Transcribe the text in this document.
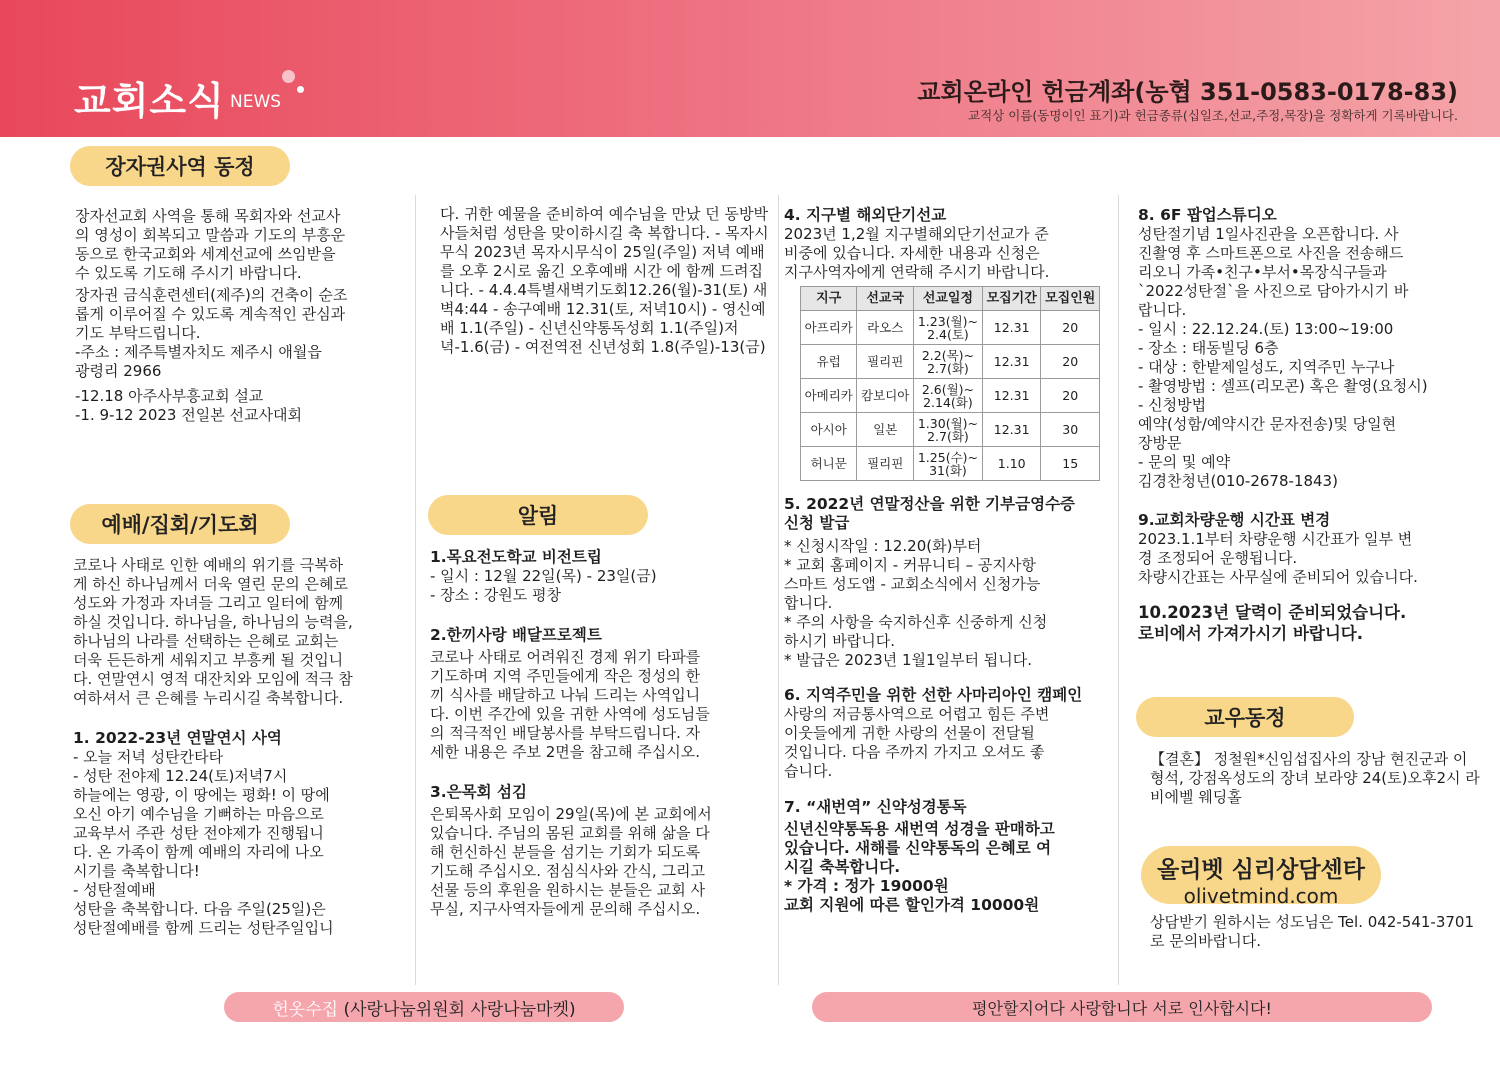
교회소식 NEWS	교회온라인 헌금계좌(농협 351-0583-0178-83)
교적상 이름(동명이인 표기)과 헌금종류(십일조,선교,주정,목장)을 정확하게 기록바랍니다.
장자권사역 동정

장자선교회 사역을 통해 목회자와 선교사
의 영성이 회복되고 말씀과 기도의 부흥운
동으로 한국교회와 세계선교에 쓰임받을
수 있도록 기도해 주시기 바랍니다.

장자권 금식훈련센터(제주)의 건축이 순조
롭게 이루어질 수 있도록 계속적인 관심과
기도 부탁드립니다.
-주소 : 제주특별자치도 제주시 애월읍
광령리 2966

-12.18 아주사부흥교회 설교
-1. 9-12 2023 전일본 선교사대회

예배/집회/기도회

코로나 사태로 인한 예배의 위기를 극복하
게 하신 하나님께서 더욱 열린 문의 은혜로
성도와 가정과 자녀들 그리고 일터에 함께
하실 것입니다. 하나님을, 하나님의 능력을,
하나님의 나라를 선택하는 은혜로 교회는
더욱 든든하게 세워지고 부흥케 될 것입니
다. 연말연시 영적 대잔치와 모임에 적극 참
여하셔서 큰 은혜를 누리시길 축복합니다.

1. 2022-23년 연말연시 사역

- 오늘 저녁 성탄칸타타
- 성탄 전야제 12.24(토)저녁7시
하늘에는 영광, 이 땅에는 평화! 이 땅에
오신 아기 예수님을 기뻐하는 마음으로
교육부서 주관 성탄 전야제가 진행됩니
다. 온 가족이 함께 예배의 자리에 나오
시기를 축복합니다!
- 성탄절예배
성탄을 축복합니다. 다음 주일(25일)은
성탄절예배를 함께 드리는 성탄주일입니

다. 귀한 예물을 준비하여 예수님을 만났 던 동방박사들처럼 성탄을 맞이하시길 축 복합니다. - 목자시무식 2023년 목자시무식이 25일(주일) 저녁 예배를 오후 2시로 옮긴 오후예배 시간 에 함께 드려집니다. - 4.4.4특별새벽기도회12.26(월)-31(토) 새벽4:44 - 송구예배 12.31(토, 저녁10시) - 영신예배 1.1(주일) - 신년신약통독성회 1.1(주일)저녁-1.6(금) - 여전역전 신년성회 1.8(주일)-13(금)
알림

1.목요전도학교 비전트립

- 일시 : 12월 22일(목) - 23일(금)
- 장소 : 강원도 평창

2.한끼사랑 배달프로젝트

코로나 사태로 어려워진 경제 위기 타파를
기도하며 지역 주민들에게 작은 정성의 한
끼 식사를 배달하고 나눠 드리는 사역입니
다. 이번 주간에 있을 귀한 사역에 성도님들
의 적극적인 배달봉사를 부탁드립니다. 자
세한 내용은 주보 2면을 참고해 주십시오.

3.은목회 섬김

은퇴목사회 모임이 29일(목)에 본 교회에서
있습니다. 주님의 몸된 교회를 위해 삶을 다
해 헌신하신 분들을 섬기는 기회가 되도록
기도해 주십시오. 점심식사와 간식, 그리고
선물 등의 후원을 원하시는 분들은 교회 사
무실, 지구사역자들에게 문의해 주십시오.

4. 지구별 해외단기선교

2023년 1,2월 지구별해외단기선교가 준
비중에 있습니다. 자세한 내용과 신청은
지구사역자에게 연락해 주시기 바랍니다.

지구	선교국	선교일정	모집기간	모집인원
아프리카	라오스	1.23(월)~
2.4(토)	12.31	20
유럽	필리핀	2.2(목)~
2.7(화)	12.31	20
아메리카	캄보디아	2.6(월)~
2.14(화)	12.31	20
아시아	일본	1.30(월)~
2.7(화)	12.31	30
허니문	필리핀	1.25(수)~
31(화)	1.10	15

5. 2022년 연말정산을 위한 기부금영수증
신청 발급

* 신청시작일 : 12.20(화)부터
* 교회 홈페이지 - 커뮤니티 – 공지사항
스마트 성도앱 - 교회소식에서 신청가능
합니다.
* 주의 사항을 숙지하신후 신중하게 신청
하시기 바랍니다.
* 발급은 2023년 1월1일부터 됩니다.

6. 지역주민을 위한 선한 사마리아인 캠페인

사랑의 저금통사역으로 어렵고 힘든 주변
이웃들에게 귀한 사랑의 선물이 전달될
것입니다. 다음 주까지 가지고 오셔도 좋
습니다.

7. “새번역” 신약성경통독

신년신약통독용 새번역 성경을 판매하고
있습니다. 새해를 신약통독의 은혜로 여
시길 축복합니다.
* 가격 : 정가 19000원
교회 지원에 따른 할인가격 10000원

8. 6F 팝업스튜디오

성탄절기념 1일사진관을 오픈합니다. 사
진촬영 후 스마트폰으로 사진을 전송해드
리오니 가족•친구•부서•목장식구들과
`2022성탄절`을 사진으로 담아가시기 바
랍니다.
- 일시 : 22.12.24.(토) 13:00~19:00
- 장소 : 태동빌딩 6층
- 대상 : 한밭제일성도, 지역주민 누구나
- 촬영방법 : 셀프(리모콘) 혹은 촬영(요청시)
- 신청방법
예약(성함/예약시간 문자전송)및 당일현
장방문
- 문의 및 예약
김경찬청년(010-2678-1843)

9.교회차량운행 시간표 변경

2023.1.1부터 차량운행 시간표가 일부 변
경 조정되어 운행됩니다.
차량시간표는 사무실에 준비되어 있습니다.

10.2023년 달력이 준비되었습니다.
로비에서 가져가시기 바랍니다.

교우동정
【결혼】 정철원*신임섭집사의 장남 현진군과 이형석, 강점옥성도의 장녀 보라양 24(토)오후2시 라비에벨 웨딩홀
올리벳 심리상담센타
olivetmind.com
상담받기 원하시는 성도님은 Tel. 042-541-3701로 문의바랍니다.
헌옷수집 (사랑나눔위원회 사랑나눔마켓)	평안할지어다 사랑합니다 서로 인사합시다!
